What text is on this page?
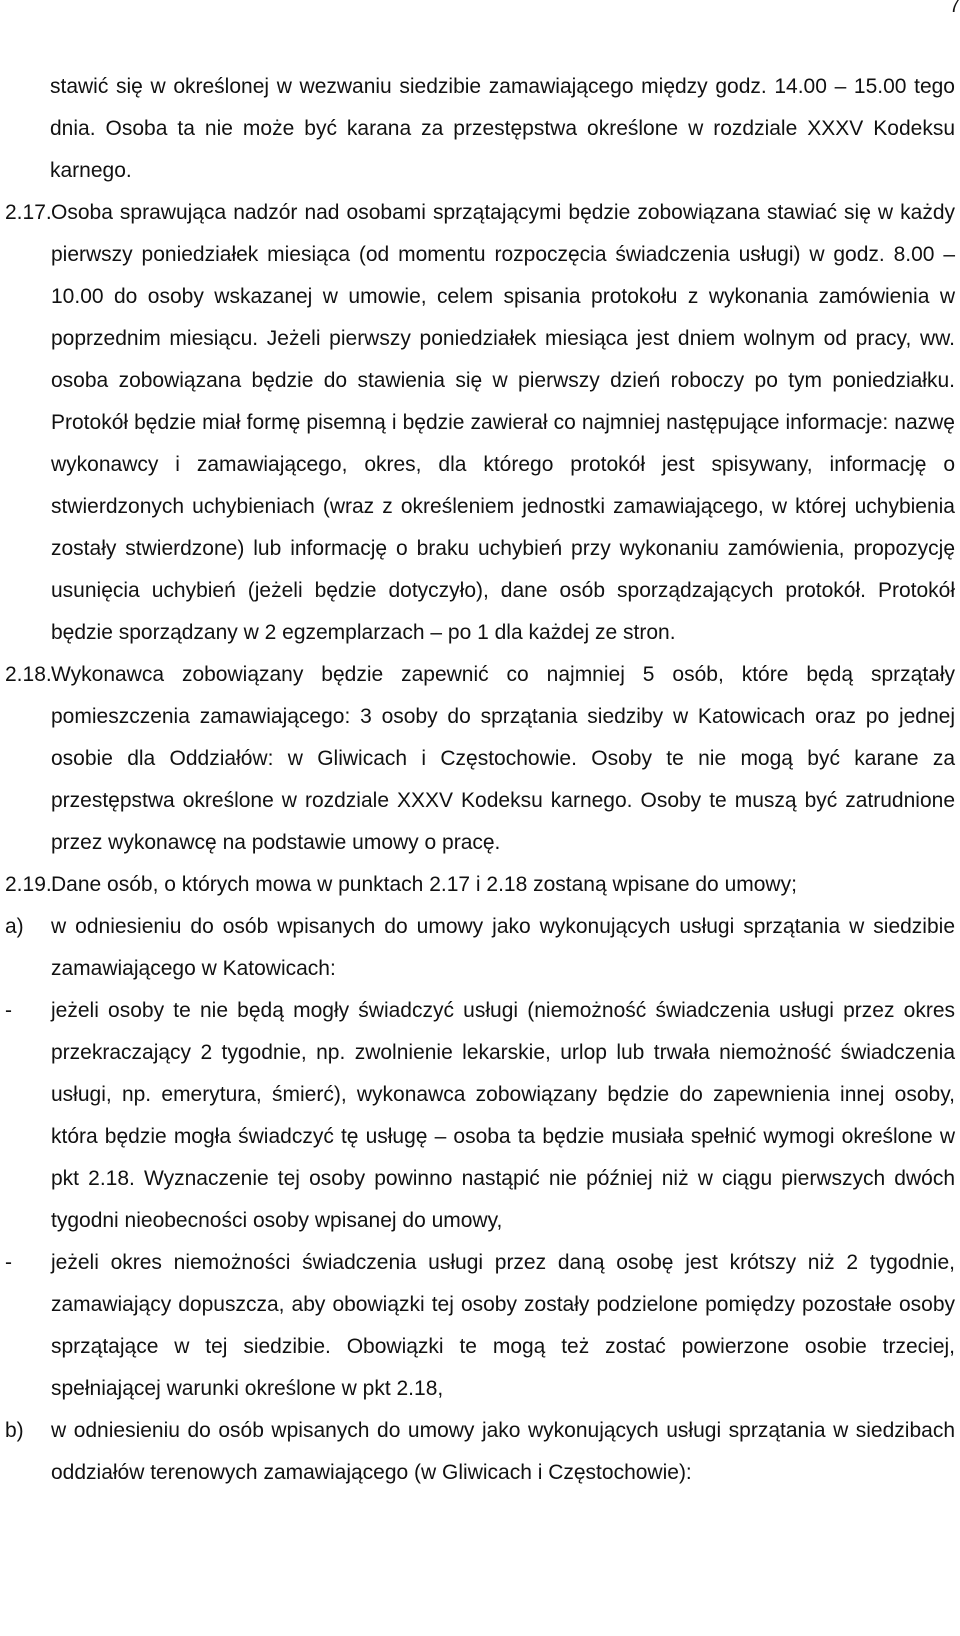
7
stawić się w określonej w wezwaniu siedzibie zamawiającego między godz. 14.00 – 15.00 tego dnia. Osoba ta nie może być karana za przestępstwa określone w rozdziale XXXV Kodeksu karnego.
2.17. Osoba sprawująca nadzór nad osobami sprzątającymi będzie zobowiązana stawiać się w każdy pierwszy poniedziałek miesiąca (od momentu rozpoczęcia świadczenia usługi) w godz. 8.00 – 10.00 do osoby wskazanej w umowie, celem spisania protokołu z wykonania zamówienia w poprzednim miesiącu. Jeżeli pierwszy poniedziałek miesiąca jest dniem wolnym od pracy, ww. osoba zobowiązana będzie do stawienia się w pierwszy dzień roboczy po tym poniedziałku. Protokół będzie miał formę pisemną i będzie zawierał co najmniej następujące informacje: nazwę wykonawcy i zamawiającego, okres, dla którego protokół jest spisywany, informację o stwierdzonych uchybieniach (wraz z określeniem jednostki zamawiającego, w której uchybienia zostały stwierdzone) lub informację o braku uchybień przy wykonaniu zamówienia, propozycję usunięcia uchybień (jeżeli będzie dotyczyło), dane osób sporządzających protokół. Protokół będzie sporządzany w 2 egzemplarzach – po 1 dla każdej ze stron.
2.18. Wykonawca zobowiązany będzie zapewnić co najmniej 5 osób, które będą sprzątały pomieszczenia zamawiającego: 3 osoby do sprzątania siedziby w Katowicach oraz po jednej osobie dla Oddziałów: w Gliwicach i Częstochowie. Osoby te nie mogą być karane za przestępstwa określone w rozdziale XXXV Kodeksu karnego. Osoby te muszą być zatrudnione przez wykonawcę na podstawie umowy o pracę.
2.19. Dane osób, o których mowa w punktach 2.17 i 2.18 zostaną wpisane do umowy;
a)	w odniesieniu do osób wpisanych do umowy jako wykonujących usługi sprzątania w siedzibie zamawiającego w Katowicach:
-	jeżeli osoby te nie będą mogły świadczyć usługi (niemożność świadczenia usługi przez okres przekraczający 2 tygodnie, np. zwolnienie lekarskie, urlop lub trwała niemożność świadczenia usługi, np. emerytura, śmierć), wykonawca zobowiązany będzie do zapewnienia innej osoby, która będzie mogła świadczyć tę usługę – osoba ta będzie musiała spełnić wymogi określone w pkt 2.18. Wyznaczenie tej osoby powinno nastąpić nie później niż w ciągu pierwszych dwóch tygodni nieobecności osoby wpisanej do umowy,
-	jeżeli okres niemożności świadczenia usługi przez daną osobę jest krótszy niż 2 tygodnie, zamawiający dopuszcza, aby obowiązki tej osoby zostały podzielone pomiędzy pozostałe osoby sprzątające w tej siedzibie. Obowiązki te mogą też zostać powierzone osobie trzeciej, spełniającej warunki określone w pkt 2.18,
b)	w odniesieniu do osób wpisanych do umowy jako wykonujących usługi sprzątania w siedzibach oddziałów terenowych zamawiającego (w Gliwicach i Częstochowie):
